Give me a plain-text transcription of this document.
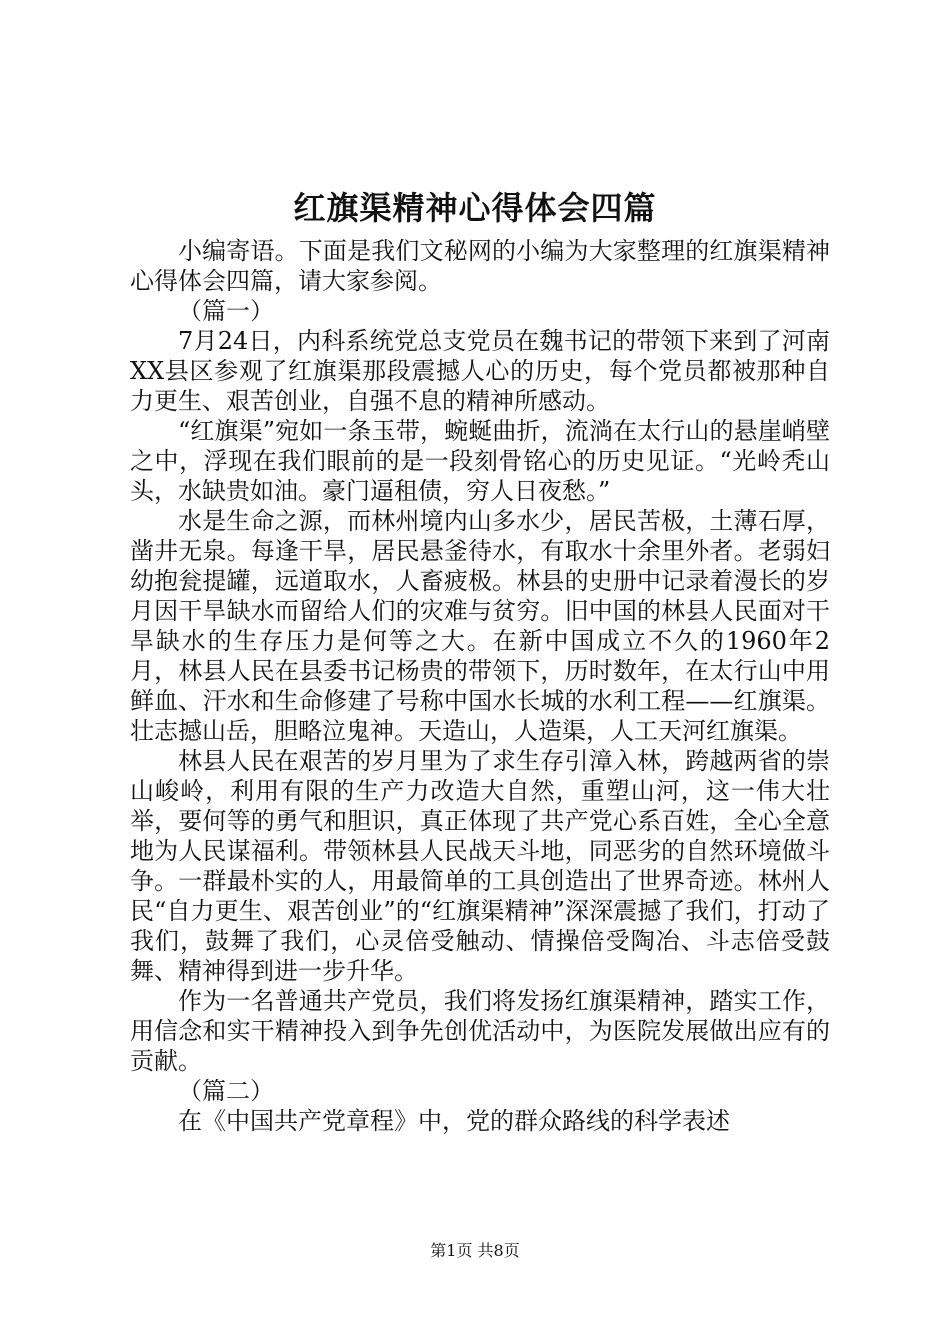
红旗渠精神心得体会四篇

小编寄语。下面是我们文秘网的小编为大家整理的红旗渠精神心得体会四篇，请大家参阅。

（篇一）

7月24日，内科系统党总支党员在魏书记的带领下来到了河南XX县区参观了红旗渠那段震撼人心的历史，每个党员都被那种自力更生、艰苦创业，自强不息的精神所感动。

“红旗渠”宛如一条玉带，蜿蜒曲折，流淌在太行山的悬崖峭壁之中，浮现在我们眼前的是一段刻骨铭心的历史见证。“光岭秃山头，水缺贵如油。豪门逼租债，穷人日夜愁。”

水是生命之源，而林州境内山多水少，居民苦极，土薄石厚，凿井无泉。每逢干旱，居民悬釜待水，有取水十余里外者。老弱妇幼抱瓮提罐，远道取水，人畜疲极。林县的史册中记录着漫长的岁月因干旱缺水而留给人们的灾难与贫穷。旧中国的林县人民面对干旱缺水的生存压力是何等之大。在新中国成立不久的1960年2月，林县人民在县委书记杨贵的带领下，历时数年，在太行山中用鲜血、汗水和生命修建了号称中国水长城的水利工程——红旗渠。壮志撼山岳，胆略泣鬼神。天造山，人造渠，人工天河红旗渠。

林县人民在艰苦的岁月里为了求生存引漳入林，跨越两省的崇山峻岭，利用有限的生产力改造大自然，重塑山河，这一伟大壮举，要何等的勇气和胆识，真正体现了共产党心系百姓，全心全意地为人民谋福利。带领林县人民战天斗地，同恶劣的自然环境做斗争。一群最朴实的人，用最简单的工具创造出了世界奇迹。林州人民“自力更生、艰苦创业”的“红旗渠精神”深深震撼了我们，打动了我们，鼓舞了我们，心灵倍受触动、情操倍受陶冶、斗志倍受鼓舞、精神得到进一步升华。

作为一名普通共产党员，我们将发扬红旗渠精神，踏实工作，用信念和实干精神投入到争先创优活动中，为医院发展做出应有的贡献。

（篇二）

在《中国共产党章程》中，党的群众路线的科学表述

第1页 共8页
